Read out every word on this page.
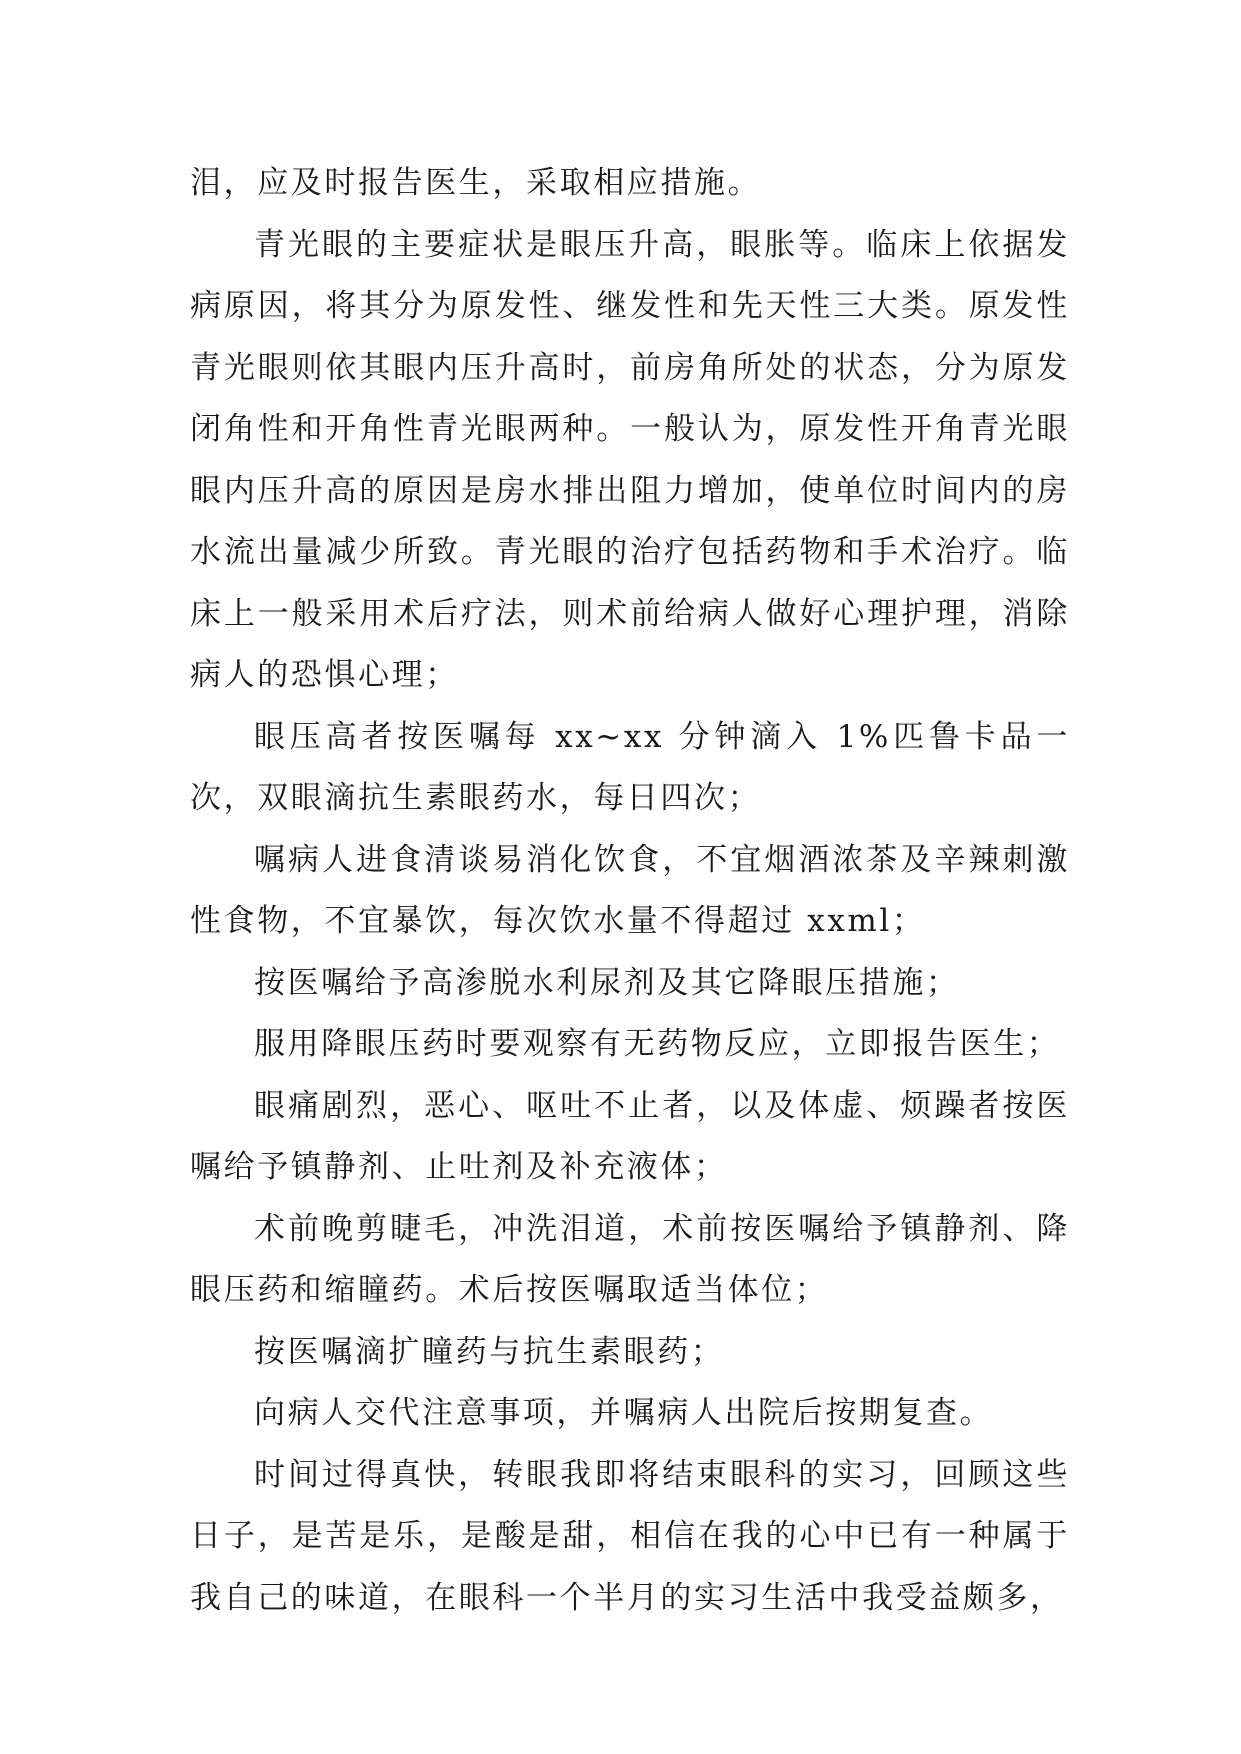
泪，应及时报告医生，采取相应措施。

青光眼的主要症状是眼压升高，眼胀等。临床上依据发病原因，将其分为原发性、继发性和先天性三大类。原发性青光眼则依其眼内压升高时，前房角所处的状态，分为原发闭角性和开角性青光眼两种。一般认为，原发性开角青光眼眼内压升高的原因是房水排出阻力增加，使单位时间内的房水流出量减少所致。青光眼的治疗包括药物和手术治疗。临床上一般采用术后疗法，则术前给病人做好心理护理，消除病人的恐惧心理；

眼压高者按医嘱每 xx~xx 分钟滴入 1%匹鲁卡品一次，双眼滴抗生素眼药水，每日四次；

嘱病人进食清谈易消化饮食，不宜烟酒浓茶及辛辣刺激性食物，不宜暴饮，每次饮水量不得超过 xxml；

按医嘱给予高渗脱水利尿剂及其它降眼压措施；

服用降眼压药时要观察有无药物反应，立即报告医生；

眼痛剧烈，恶心、呕吐不止者，以及体虚、烦躁者按医嘱给予镇静剂、止吐剂及补充液体；

术前晚剪睫毛，冲洗泪道，术前按医嘱给予镇静剂、降眼压药和缩瞳药。术后按医嘱取适当体位；

按医嘱滴扩瞳药与抗生素眼药；

向病人交代注意事项，并嘱病人出院后按期复查。

时间过得真快，转眼我即将结束眼科的实习，回顾这些日子，是苦是乐，是酸是甜，相信在我的心中已有一种属于我自己的味道，在眼科一个半月的实习生活中我受益颇多，
